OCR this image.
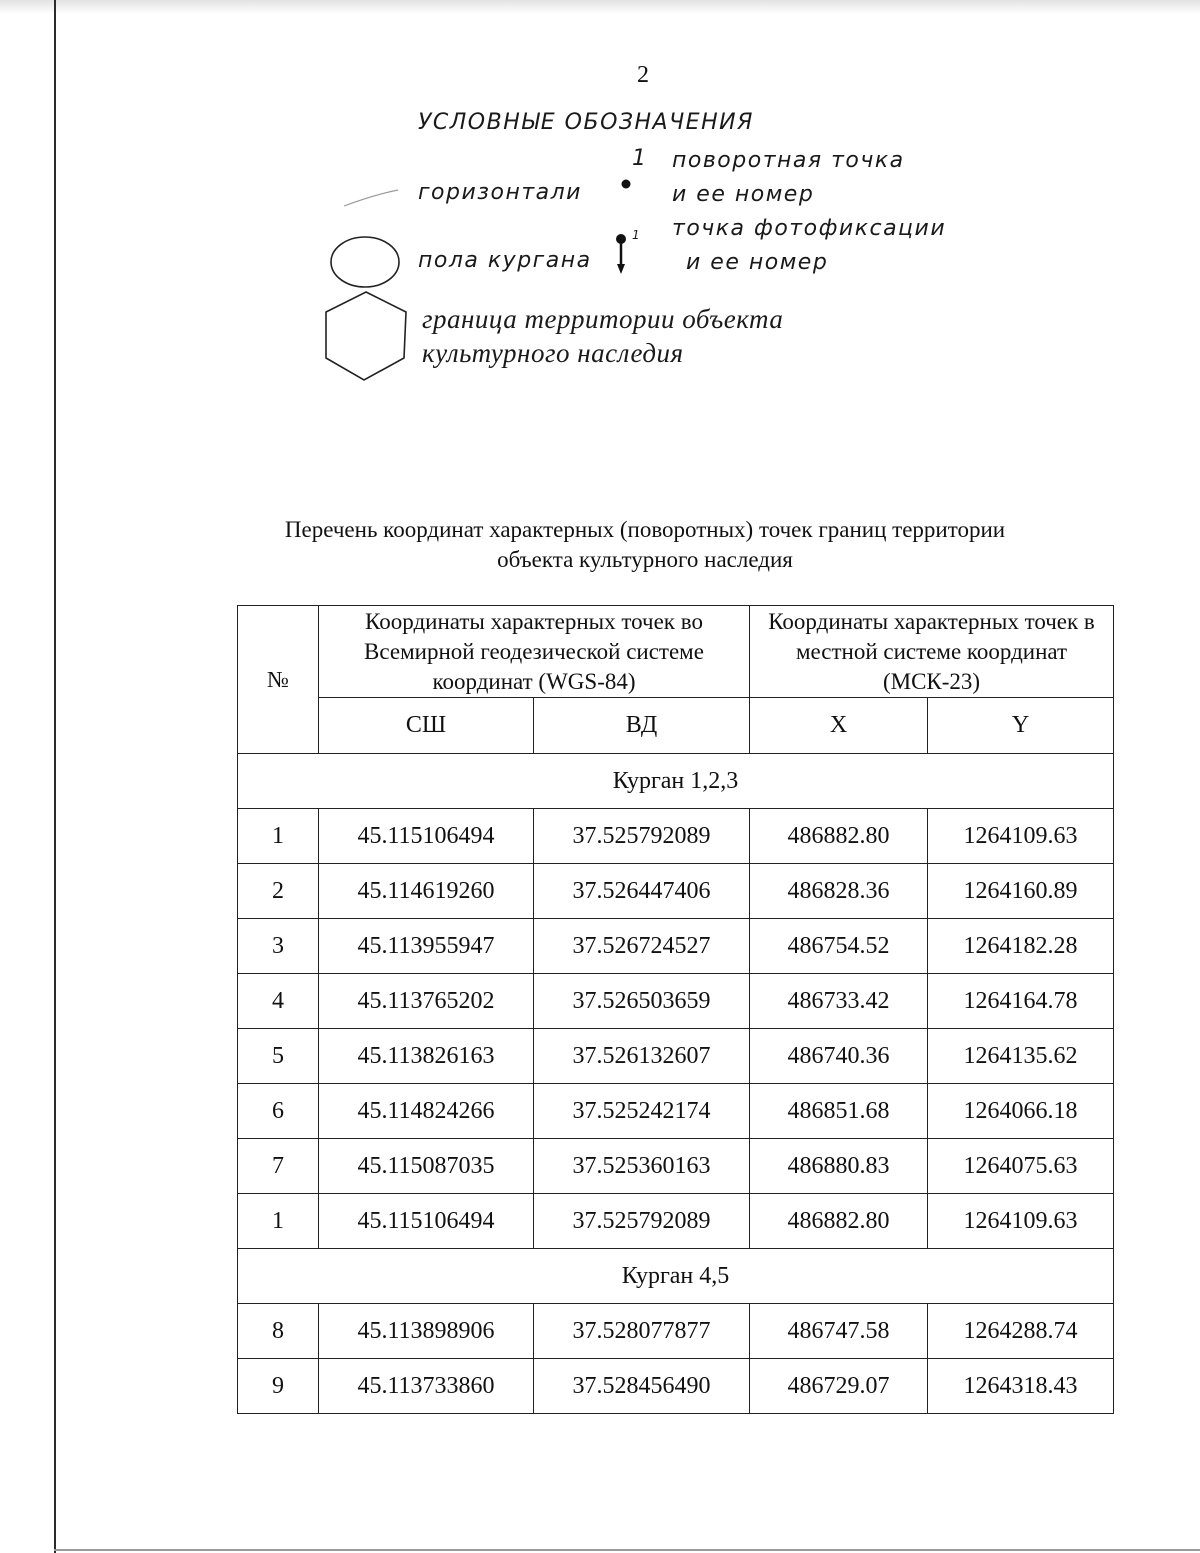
2
УСЛОВНЫЕ ОБОЗНАЧЕНИЯ
горизонтали
1 поворотная точка
и ее номер
пола кургана
1 точка фотофиксации
и ее номер
граница территории объекта
культурного наследия
Перечень координат характерных (поворотных) точек границ территории
объекта культурного наследия
№	Координаты характерных точек во Всемирной геодезической системе координат (WGS-84)		Координаты характерных точек в местной системе координат (МСК-23)	
	СШ	ВД	X	Y
Курган 1,2,3				
1	45.115106494	37.525792089	486882.80	1264109.63
2	45.114619260	37.526447406	486828.36	1264160.89
3	45.113955947	37.526724527	486754.52	1264182.28
4	45.113765202	37.526503659	486733.42	1264164.78
5	45.113826163	37.526132607	486740.36	1264135.62
6	45.114824266	37.525242174	486851.68	1264066.18
7	45.115087035	37.525360163	486880.83	1264075.63
1	45.115106494	37.525792089	486882.80	1264109.63
Курган 4,5				
8	45.113898906	37.528077877	486747.58	1264288.74
9	45.113733860	37.528456490	486729.07	1264318.43
